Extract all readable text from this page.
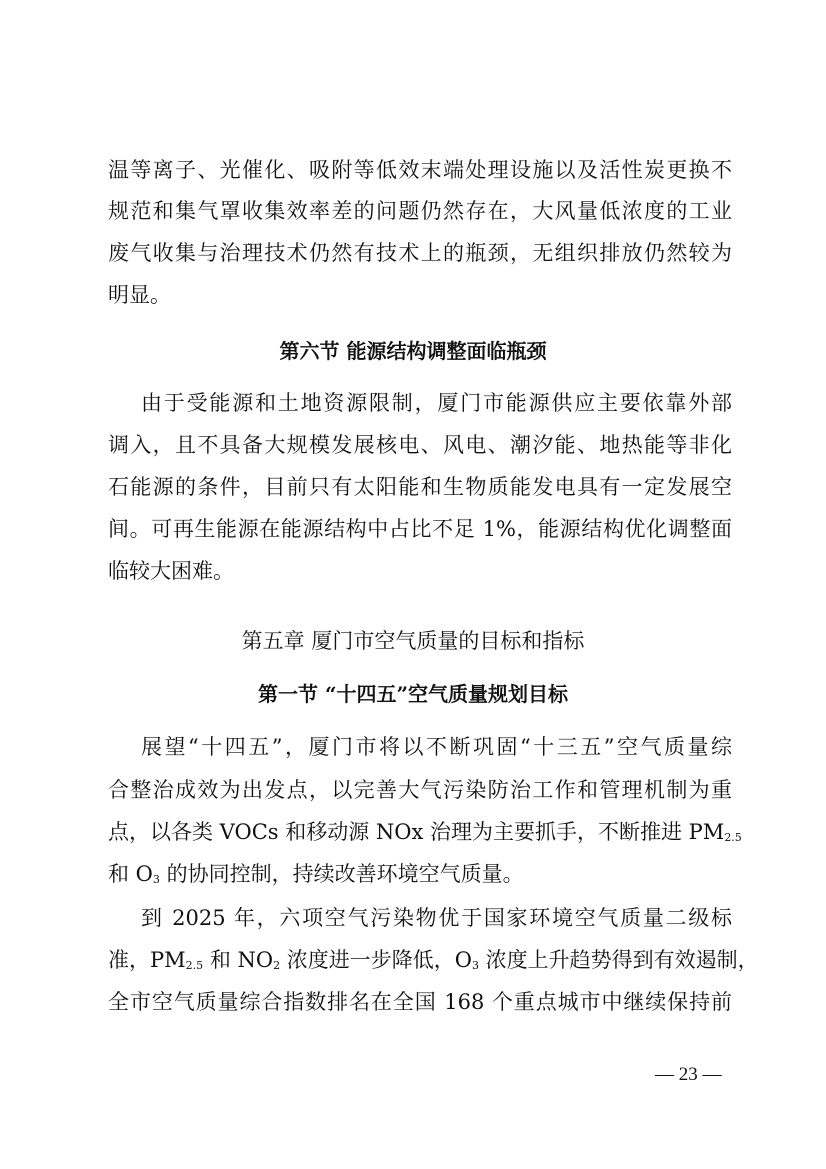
温等离子、光催化、吸附等低效末端处理设施以及活性炭更换不
规范和集气罩收集效率差的问题仍然存在，大风量低浓度的工业
废气收集与治理技术仍然有技术上的瓶颈，无组织排放仍然较为
明显。
第六节 能源结构调整面临瓶颈
由于受能源和土地资源限制，厦门市能源供应主要依靠外部
调入，且不具备大规模发展核电、风电、潮汐能、地热能等非化
石能源的条件，目前只有太阳能和生物质能发电具有一定发展空
间。可再生能源在能源结构中占比不足 1%，能源结构优化调整面
临较大困难。
第五章 厦门市空气质量的目标和指标
第一节 “十四五”空气质量规划目标
展望“十四五”，厦门市将以不断巩固“十三五”空气质量综
合整治成效为出发点，以完善大气污染防治工作和管理机制为重
点，以各类 VOCs 和移动源 NOx 治理为主要抓手，不断推进 PM2.5
和 O3 的协同控制，持续改善环境空气质量。
到 2025 年，六项空气污染物优于国家环境空气质量二级标
准，PM2.5 和 NO2 浓度进一步降低，O3 浓度上升趋势得到有效遏制，
全市空气质量综合指数排名在全国 168 个重点城市中继续保持前
— 23 —
